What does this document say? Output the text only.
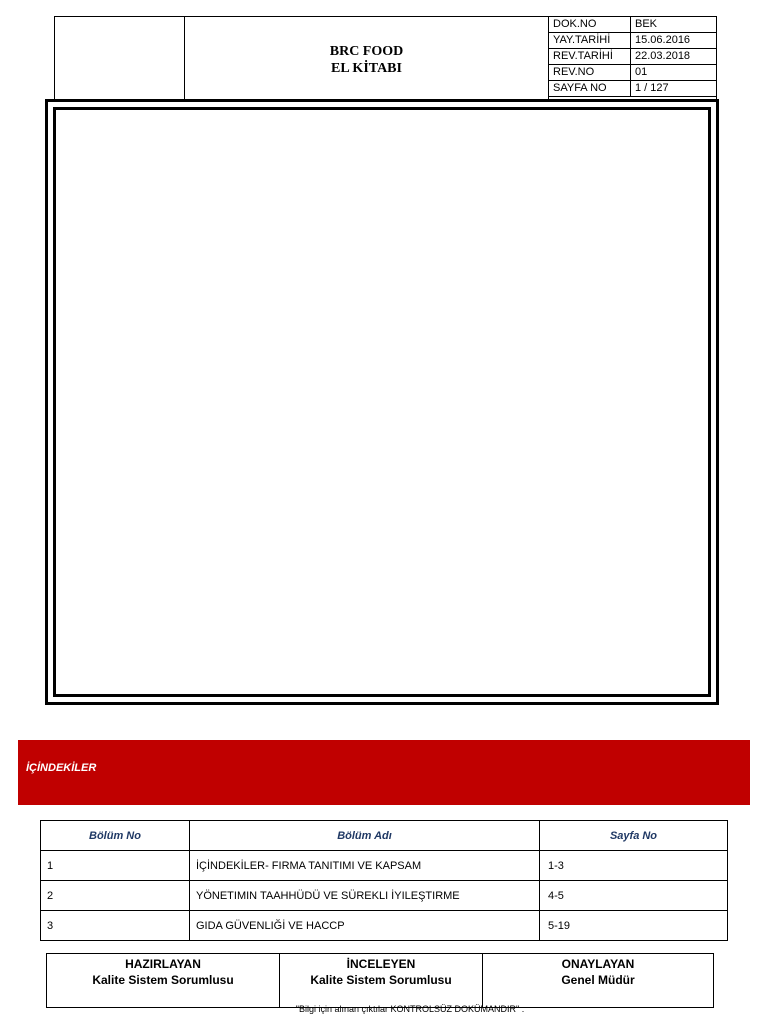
BRC FOOD
EL KİTABI
DOK.NO	BEK
YAY.TARİHİ	15.06.2016
REV.TARİHİ	22.03.2018
REV.NO	01
SAYFA NO	1 / 127
İÇİNDEKİLER
Bölüm No	Bölüm Adı	Sayfa No
1	İÇİNDEKİLER- FIRMA TANITIMI VE KAPSAM	1-3
2	YÖNETIMIN TAAHHÜDÜ VE SÜREKLI İYILEŞTIRME	4-5
3	GIDA GÜVENLIĞİ VE HACCP	5-19
HAZIRLAYAN
Kalite Sistem Sorumlusu

İNCELEYEN
Kalite Sistem Sorumlusu

ONAYLAYAN
Genel Müdür
"Bilgi için alınan çıktılar KONTROLSÜZ DOKÜMANDIR" .
